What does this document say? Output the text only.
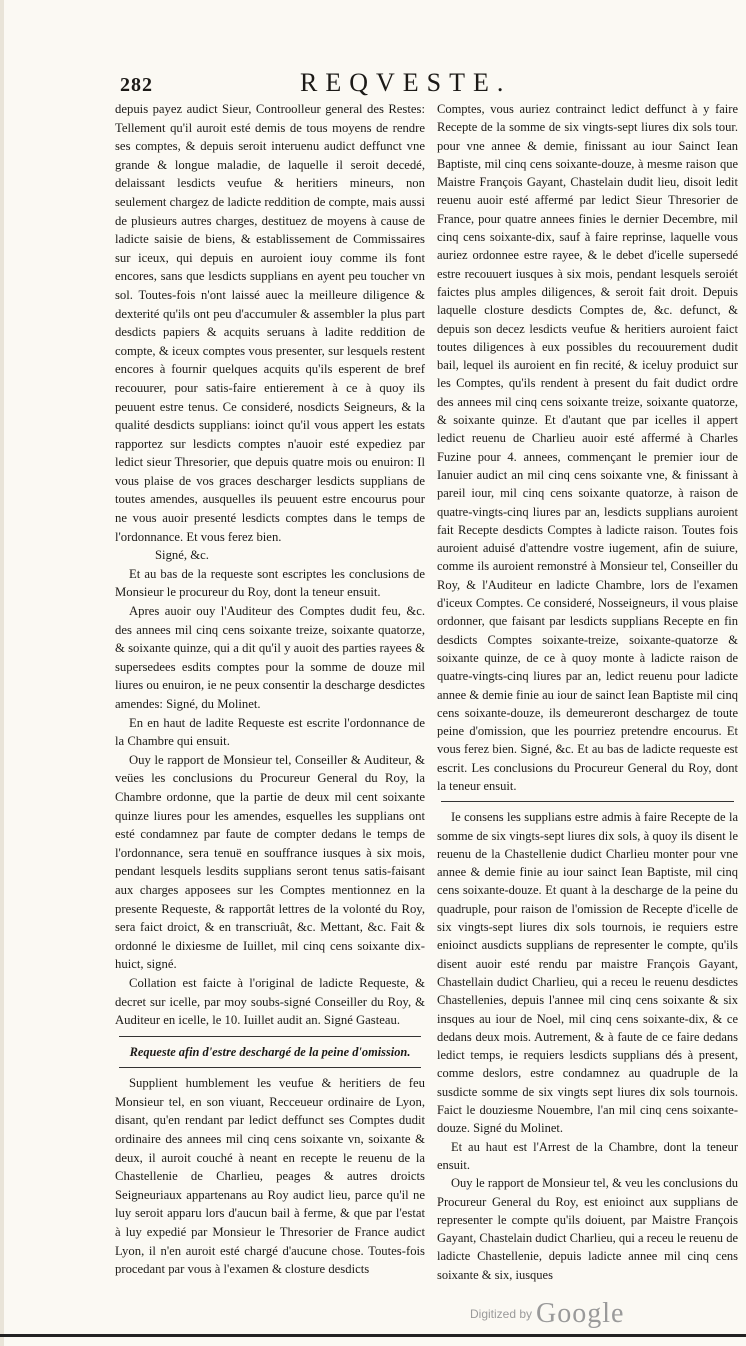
282	REQVESTE.

depuis payez audict Sieur, Controolleur general des Restes: Tellement qu'il auroit esté demis de tous moyens de rendre ses comptes, & depuis seroit interuenu audict deffunct vne grande & longue maladie, de laquelle il seroit decedé, delaissant lesdicts veufue & heritiers mineurs, non seulement chargez de ladicte reddition de compte, mais aussi de plusieurs autres charges, destituez de moyens à cause de ladicte saisie de biens, & establissement de Commissaires sur iceux, qui depuis en auroient iouy comme ils font encores, sans que lesdicts supplians en ayent peu toucher vn sol. Toutes-fois n'ont laissé auec la meilleure diligence & dexterité qu'ils ont peu d'accumuler & assembler la plus part desdicts papiers & acquits seruans à ladite reddition de compte, & iceux comptes vous presenter, sur lesquels restent encores à fournir quelques acquits qu'ils esperent de bref recouurer, pour satis-faire entierement à ce à quoy ils peuuent estre tenus. Ce consideré, nosdicts Seigneurs, & la qualité desdicts supplians: ioinct qu'il vous appert les estats rapportez sur lesdicts comptes n'auoir esté expediez par ledict sieur Thresorier, que depuis quatre mois ou enuiron: Il vous plaise de vos graces descharger lesdicts supplians de toutes amendes, ausquelles ils peuuent estre encourus pour ne vous auoir presenté lesdicts comptes dans le temps de l'ordonnance. Et vous ferez bien.

Signé, &c.

Et au bas de la requeste sont escriptes les conclusions de Monsieur le procureur du Roy, dont la teneur ensuit.

Apres auoir ouy l'Auditeur des Comptes dudit feu, &c. des annees mil cinq cens soixante treize, soixante quatorze, & soixante quinze, qui a dit qu'il y auoit des parties rayees & supersedees esdits comptes pour la somme de douze mil liures ou enuiron, ie ne peux consentir la descharge desdictes amendes: Signé, du Molinet.

En en haut de ladite Requeste est escrite l'ordonnance de la Chambre qui ensuit.

Ouy le rapport de Monsieur tel, Conseiller & Auditeur, & veües les conclusions du Procureur General du Roy, la Chambre ordonne, que la partie de deux mil cent soixante quinze liures pour les amendes, esquelles les supplians ont esté condamnez par faute de compter dedans le temps de l'ordonnance, sera tenuë en souffrance iusques à six mois, pendant lesquels lesdits supplians seront tenus satis-faisant aux charges apposees sur les Comptes mentionnez en la presente Requeste, & rapportât lettres de la volonté du Roy, sera faict droict, & en transcriuât, &c. Mettant, &c. Fait & ordonné le dixiesme de Iuillet, mil cinq cens soixante dix-huict, signé.

Collation est faicte à l'original de ladicte Requeste, & decret sur icelle, par moy soubs-signé Conseiller du Roy, & Auditeur en icelle, le 10. Iuillet audit an. Signé Gasteau.

Requeste afin d'estre deschargé de la peine d'omission.

Supplient humblement les veufue & heritiers de feu Monsieur tel, en son viuant, Recceueur ordinaire de Lyon, disant, qu'en rendant par ledict deffunct ses Comptes dudit ordinaire des annees mil cinq cens soixante vn, soixante & deux, il auroit couché à neant en recepte le reuenu de la Chastellenie de Charlieu, peages & autres droicts Seigneuriaux appartenans au Roy audict lieu, parce qu'il ne luy seroit apparu lors d'aucun bail à ferme, & que par l'estat à luy expedié par Monsieur le Thresorier de France audict Lyon, il n'en auroit esté chargé d'aucune chose. Toutes-fois procedant par vous à l'examen & closture desdicts

Comptes, vous auriez contrainct ledict deffunct à y faire Recepte de la somme de six vingts-sept liures dix sols tour. pour vne annee & demie, finissant au iour Sainct Iean Baptiste, mil cinq cens soixante-douze, à mesme raison que Maistre François Gayant, Chastelain dudit lieu, disoit ledit reuenu auoir esté affermé par ledict Sieur Thresorier de France, pour quatre annees finies le dernier Decembre, mil cinq cens soixante-dix, sauf à faire reprinse, laquelle vous auriez ordonnee estre rayee, & le debet d'icelle supersedé estre recouuert iusques à six mois, pendant lesquels seroiét faictes plus amples diligences, & seroit fait droit. Depuis laquelle closture desdicts Comptes de, &c. defunct, & depuis son decez lesdicts veufue & heritiers auroient faict toutes diligences à eux possibles du recouurement dudit bail, lequel ils auroient en fin recité, & iceluy produict sur les Comptes, qu'ils rendent à present du fait dudict ordre des annees mil cinq cens soixante treize, soixante quatorze, & soixante quinze. Et d'autant que par icelles il appert ledict reuenu de Charlieu auoir esté affermé à Charles Fuzine pour 4. annees, commençant le premier iour de Ianuier audict an mil cinq cens soixante vne, & finissant à pareil iour, mil cinq cens soixante quatorze, à raison de quatre-vingts-cinq liures par an, lesdicts supplians auroient fait Recepte desdicts Comptes à ladicte raison. Toutes fois auroient aduisé d'attendre vostre iugement, afin de suiure, comme ils auroient remonstré à Monsieur tel, Conseiller du Roy, & l'Auditeur en ladicte Chambre, lors de l'examen d'iceux Comptes. Ce consideré, Nosseigneurs, il vous plaise ordonner, que faisant par lesdicts supplians Recepte en fin desdicts Comptes soixante-treize, soixante-quatorze & soixante quinze, de ce à quoy monte à ladicte raison de quatre-vingts-cinq liures par an, ledict reuenu pour ladicte annee & demie finie au iour de sainct Iean Baptiste mil cinq cens soixante-douze, ils demeureront deschargez de toute peine d'omission, que les pourriez pretendre encourus. Et vous ferez bien. Signé, &c. Et au bas de ladicte requeste est escrit. Les conclusions du Procureur General du Roy, dont la teneur ensuit.

Ie consens les supplians estre admis à faire Recepte de la somme de six vingts-sept liures dix sols, à quoy ils disent le reuenu de la Chastellenie dudict Charlieu monter pour vne annee & demie finie au iour sainct Iean Baptiste, mil cinq cens soixante-douze. Et quant à la descharge de la peine du quadruple, pour raison de l'omission de Recepte d'icelle de six vingts-sept liures dix sols tournois, ie requiers estre enioinct ausdicts supplians de representer le compte, qu'ils disent auoir esté rendu par maistre François Gayant, Chastellain dudict Charlieu, qui a receu le reuenu desdictes Chastellenies, depuis l'annee mil cinq cens soixante & six insques au iour de Noel, mil cinq cens soixante-dix, & ce dedans deux mois. Autrement, & à faute de ce faire dedans ledict temps, ie requiers lesdicts supplians dés à present, comme deslors, estre condamnez au quadruple de la susdicte somme de six vingts sept liures dix sols tournois. Faict le douziesme Nouembre, l'an mil cinq cens soixante-douze. Signé du Molinet.

Et au haut est l'Arrest de la Chambre, dont la teneur ensuit.

Ouy le rapport de Monsieur tel, & veu les conclusions du Procureur General du Roy, est enioinct aux supplians de representer le compte qu'ils doiuent, par Maistre François Gayant, Chastelain dudict Charlieu, qui a receu le reuenu de ladicte Chastellenie, depuis ladicte annee mil cinq cens soixante & six, iusques

Digitized by Google
